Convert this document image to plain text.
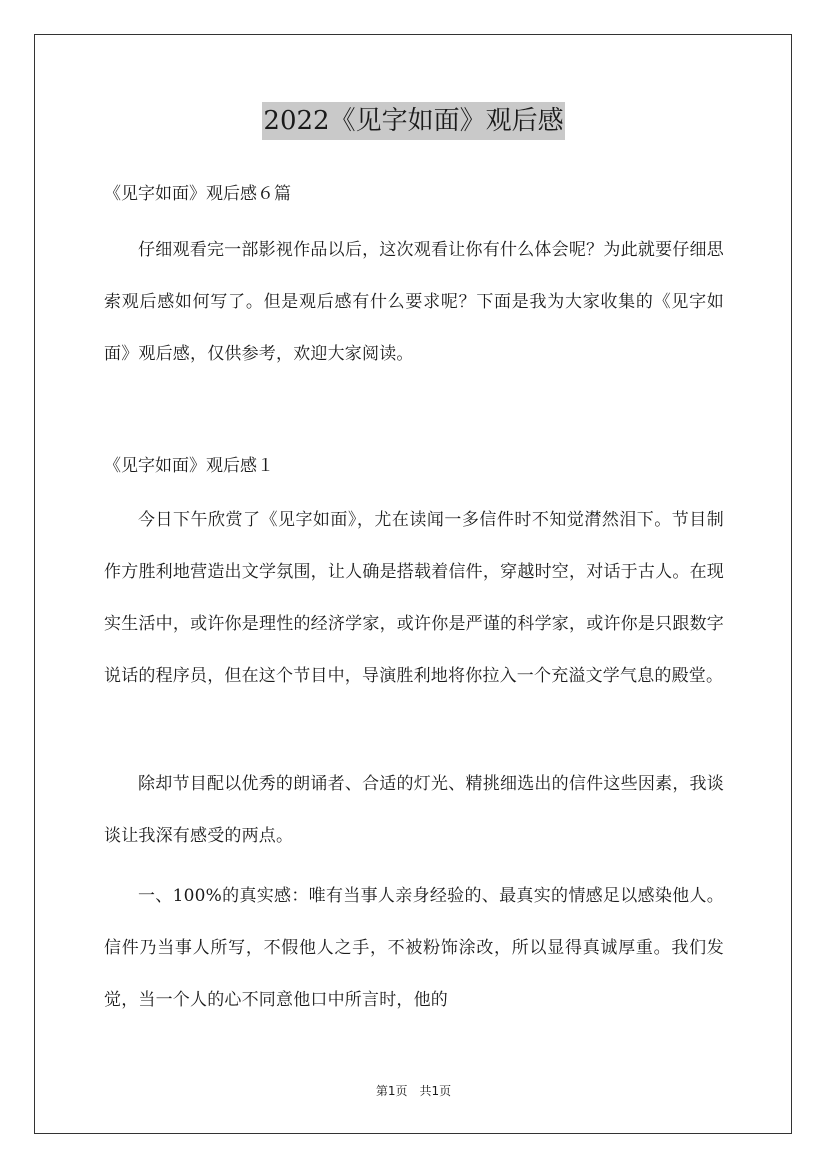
2022《见字如面》观后感
《见字如面》观后感６篇

仔细观看完一部影视作品以后，这次观看让你有什么体会呢？为此就要仔细思索观后感如何写了。但是观后感有什么要求呢？下面是我为大家收集的《见字如面》观后感，仅供参考，欢迎大家阅读。

《见字如面》观后感１

今日下午欣赏了《见字如面》，尤在读闻一多信件时不知觉潸然泪下。节目制作方胜利地营造出文学氛围，让人确是搭载着信件，穿越时空，对话于古人。在现实生活中，或许你是理性的经济学家，或许你是严谨的科学家，或许你是只跟数字说话的程序员，但在这个节目中，导演胜利地将你拉入一个充溢文学气息的殿堂。

除却节目配以优秀的朗诵者、合适的灯光、精挑细选出的信件这些因素，我谈谈让我深有感受的两点。

一、100%的真实感：唯有当事人亲身经验的、最真实的情感足以感染他人。信件乃当事人所写，不假他人之手，不被粉饰涂改，所以显得真诚厚重。我们发觉，当一个人的心不同意他口中所言时，他的

第1页 共1页
